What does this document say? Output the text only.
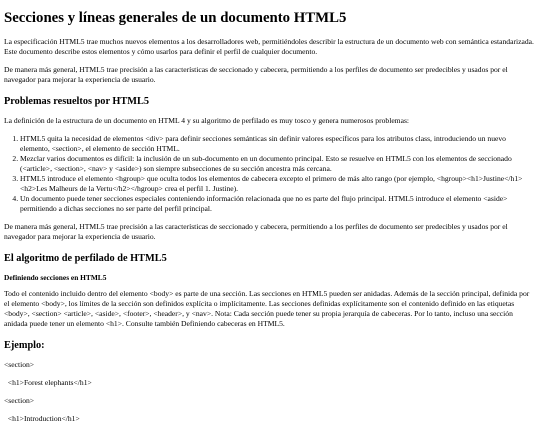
Secciones y líneas generales de un documento HTML5

La especificación HTML5 trae muchos nuevos elementos a los desarrolladores web, permitiéndoles describir la estructura de un documento web con semántica estandarizada. Este documento describe estos elementos y cómo usarlos para definir el perfil de cualquier documento.

De manera más general, HTML5 trae precisión a las características de seccionado y cabecera, permitiendo a los perfiles de documento ser predecibles y usados por el navegador para mejorar la experiencia de usuario.

Problemas resueltos por HTML5

La definición de la estructura de un documento en HTML 4 y su algoritmo de perfilado es muy tosco y genera numerosos problemas:

1. HTML5 quita la necesidad de elementos <div> para definir secciones semánticas sin definir valores específicos para los atributos class, introduciendo un nuevo elemento, <section>, el elemento de sección HTML.
2. Mezclar varios documentos es difícil: la inclusión de un sub-documento en un documento principal. Esto se resuelve en HTML5 con los elementos de seccionado (<article>, <section>, <nav> y <aside>) son siempre subsecciones de su sección ancestra más cercana.
3. HTML5 introduce el elemento <hgroup> que oculta todos los elementos de cabecera excepto el primero de más alto rango (por ejemplo, <hgroup><h1>Justine</h1><h2>Les Malheurs de la Vertu</h2></hgroup> crea el perfil 1. Justine).
4. Un documento puede tener secciones especiales conteniendo información relacionada que no es parte del flujo principal. HTML5 introduce el elemento <aside> permitiendo a dichas secciones no ser parte del perfil principal.

De manera más general, HTML5 trae precisión a las características de seccionado y cabecera, permitiendo a los perfiles de documento ser predecibles y usados por el navegador para mejorar la experiencia de usuario.

El algoritmo de perfilado de HTML5
Definiendo secciones en HTML5

Todo el contenido incluido dentro del elemento <body> es parte de una sección. Las secciones en HTML5 pueden ser anidadas. Además de la sección principal, definida por el elemento <body>, los límites de la sección son definidos explícita o implícitamente. Las secciones definidas explícitamente son el contenido definido en las etiquetas <body>, <section> <article>, <aside>, <footer>, <header>, y <nav>. Nota: Cada sección puede tener su propia jerarquía de cabeceras. Por lo tanto, incluso una sección anidada puede tener un elemento <h1>. Consulte también Definiendo cabeceras en HTML5.

Ejemplo:
<section>
<h1>Forest elephants</h1>
<section>
<h1>Introduction</h1>
